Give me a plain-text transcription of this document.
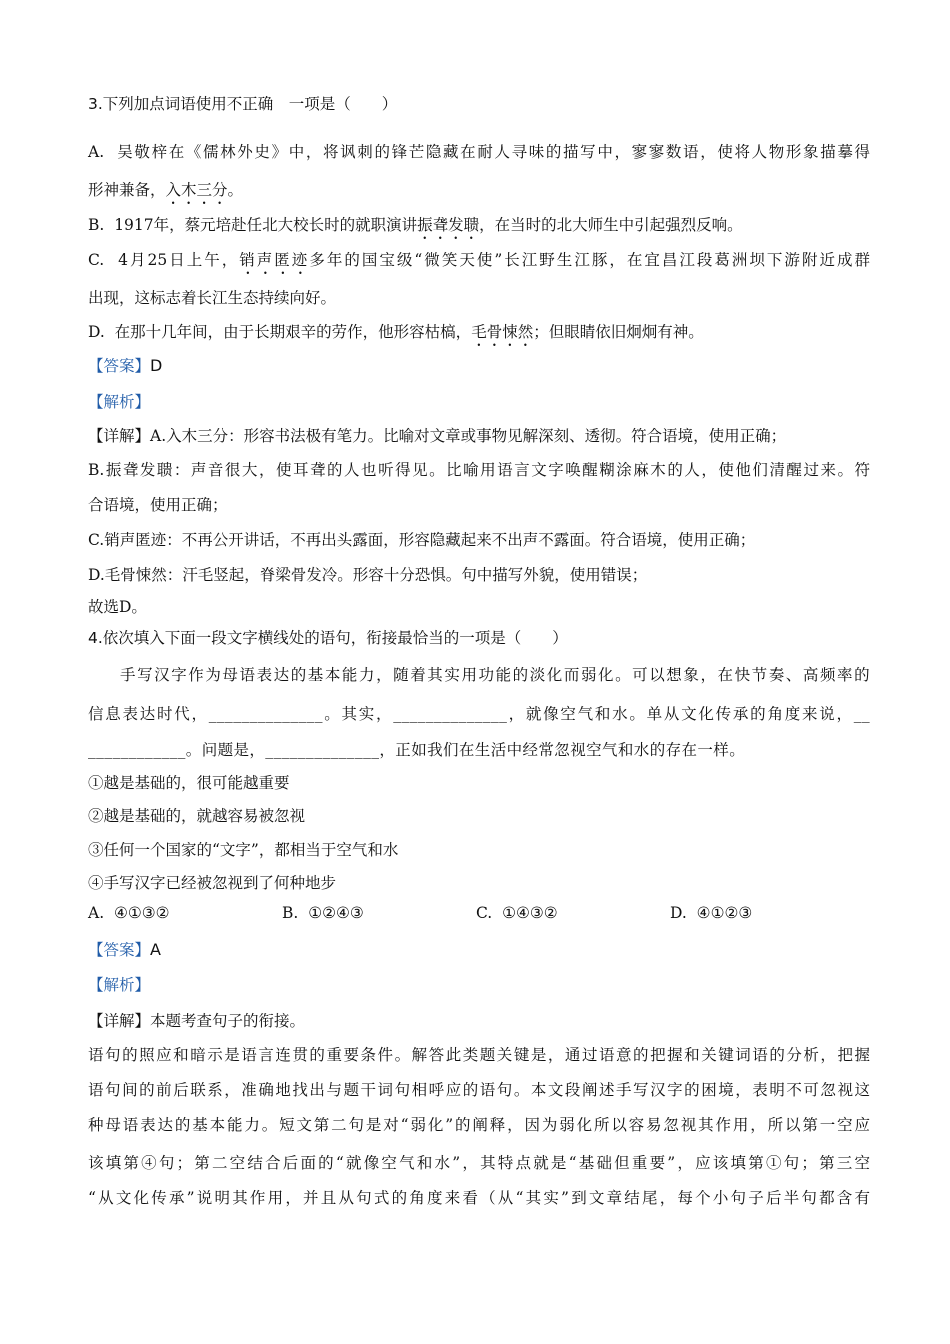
3.下列加点词语使用不正确　一项是（　　）
A. 吴敬梓在《儒林外史》中，将讽刺的锋芒隐藏在耐人寻味的描写中，寥寥数语，使将人物形象描摹得
形神兼备，入木三分。
B. 1917年，蔡元培赴任北大校长时的就职演讲振聋发聩，在当时的北大师生中引起强烈反响。
C. 4月25日上午，销声匿迹多年的国宝级“微笑天使”长江野生江豚，在宜昌江段葛洲坝下游附近成群
出现，这标志着长江生态持续向好。
D. 在那十几年间，由于长期艰辛的劳作，他形容枯槁，毛骨悚然；但眼睛依旧炯炯有神。
【答案】D
【解析】
【详解】A.入木三分：形容书法极有笔力。比喻对文章或事物见解深刻、透彻。符合语境，使用正确；
B.振聋发聩：声音很大，使耳聋的人也听得见。比喻用语言文字唤醒糊涂麻木的人，使他们清醒过来。符
合语境，使用正确；
C.销声匿迹：不再公开讲话，不再出头露面，形容隐藏起来不出声不露面。符合语境，使用正确；
D.毛骨悚然：汗毛竖起，脊梁骨发冷。形容十分恐惧。句中描写外貌，使用错误；
故选D。
4.依次填入下面一段文字横线处的语句，衔接最恰当的一项是（　　）
手写汉字作为母语表达的基本能力，随着其实用功能的淡化而弱化。可以想象，在快节奏、高频率的
信息表达时代，______________。其实，______________，就像空气和水。单从文化传承的角度来说，__
____________。问题是，______________，正如我们在生活中经常忽视空气和水的存在一样。
①越是基础的，很可能越重要
②越是基础的，就越容易被忽视
③任何一个国家的“文字”，都相当于空气和水
④手写汉字已经被忽视到了何种地步
A. ④①③②	B. ①②④③	C. ①④③②	D. ④①②③
【答案】A
【解析】
【详解】本题考查句子的衔接。
语句的照应和暗示是语言连贯的重要条件。解答此类题关键是，通过语意的把握和关键词语的分析，把握
语句间的前后联系，准确地找出与题干词句相呼应的语句。本文段阐述手写汉字的困境，表明不可忽视这
种母语表达的基本能力。短文第二句是对“弱化”的阐释，因为弱化所以容易忽视其作用，所以第一空应
该填第④句；第二空结合后面的“就像空气和水”，其特点就是“基础但重要”，应该填第①句；第三空
“从文化传承”说明其作用，并且从句式的角度来看（从“其实”到文章结尾，每个小句子后半句都含有
